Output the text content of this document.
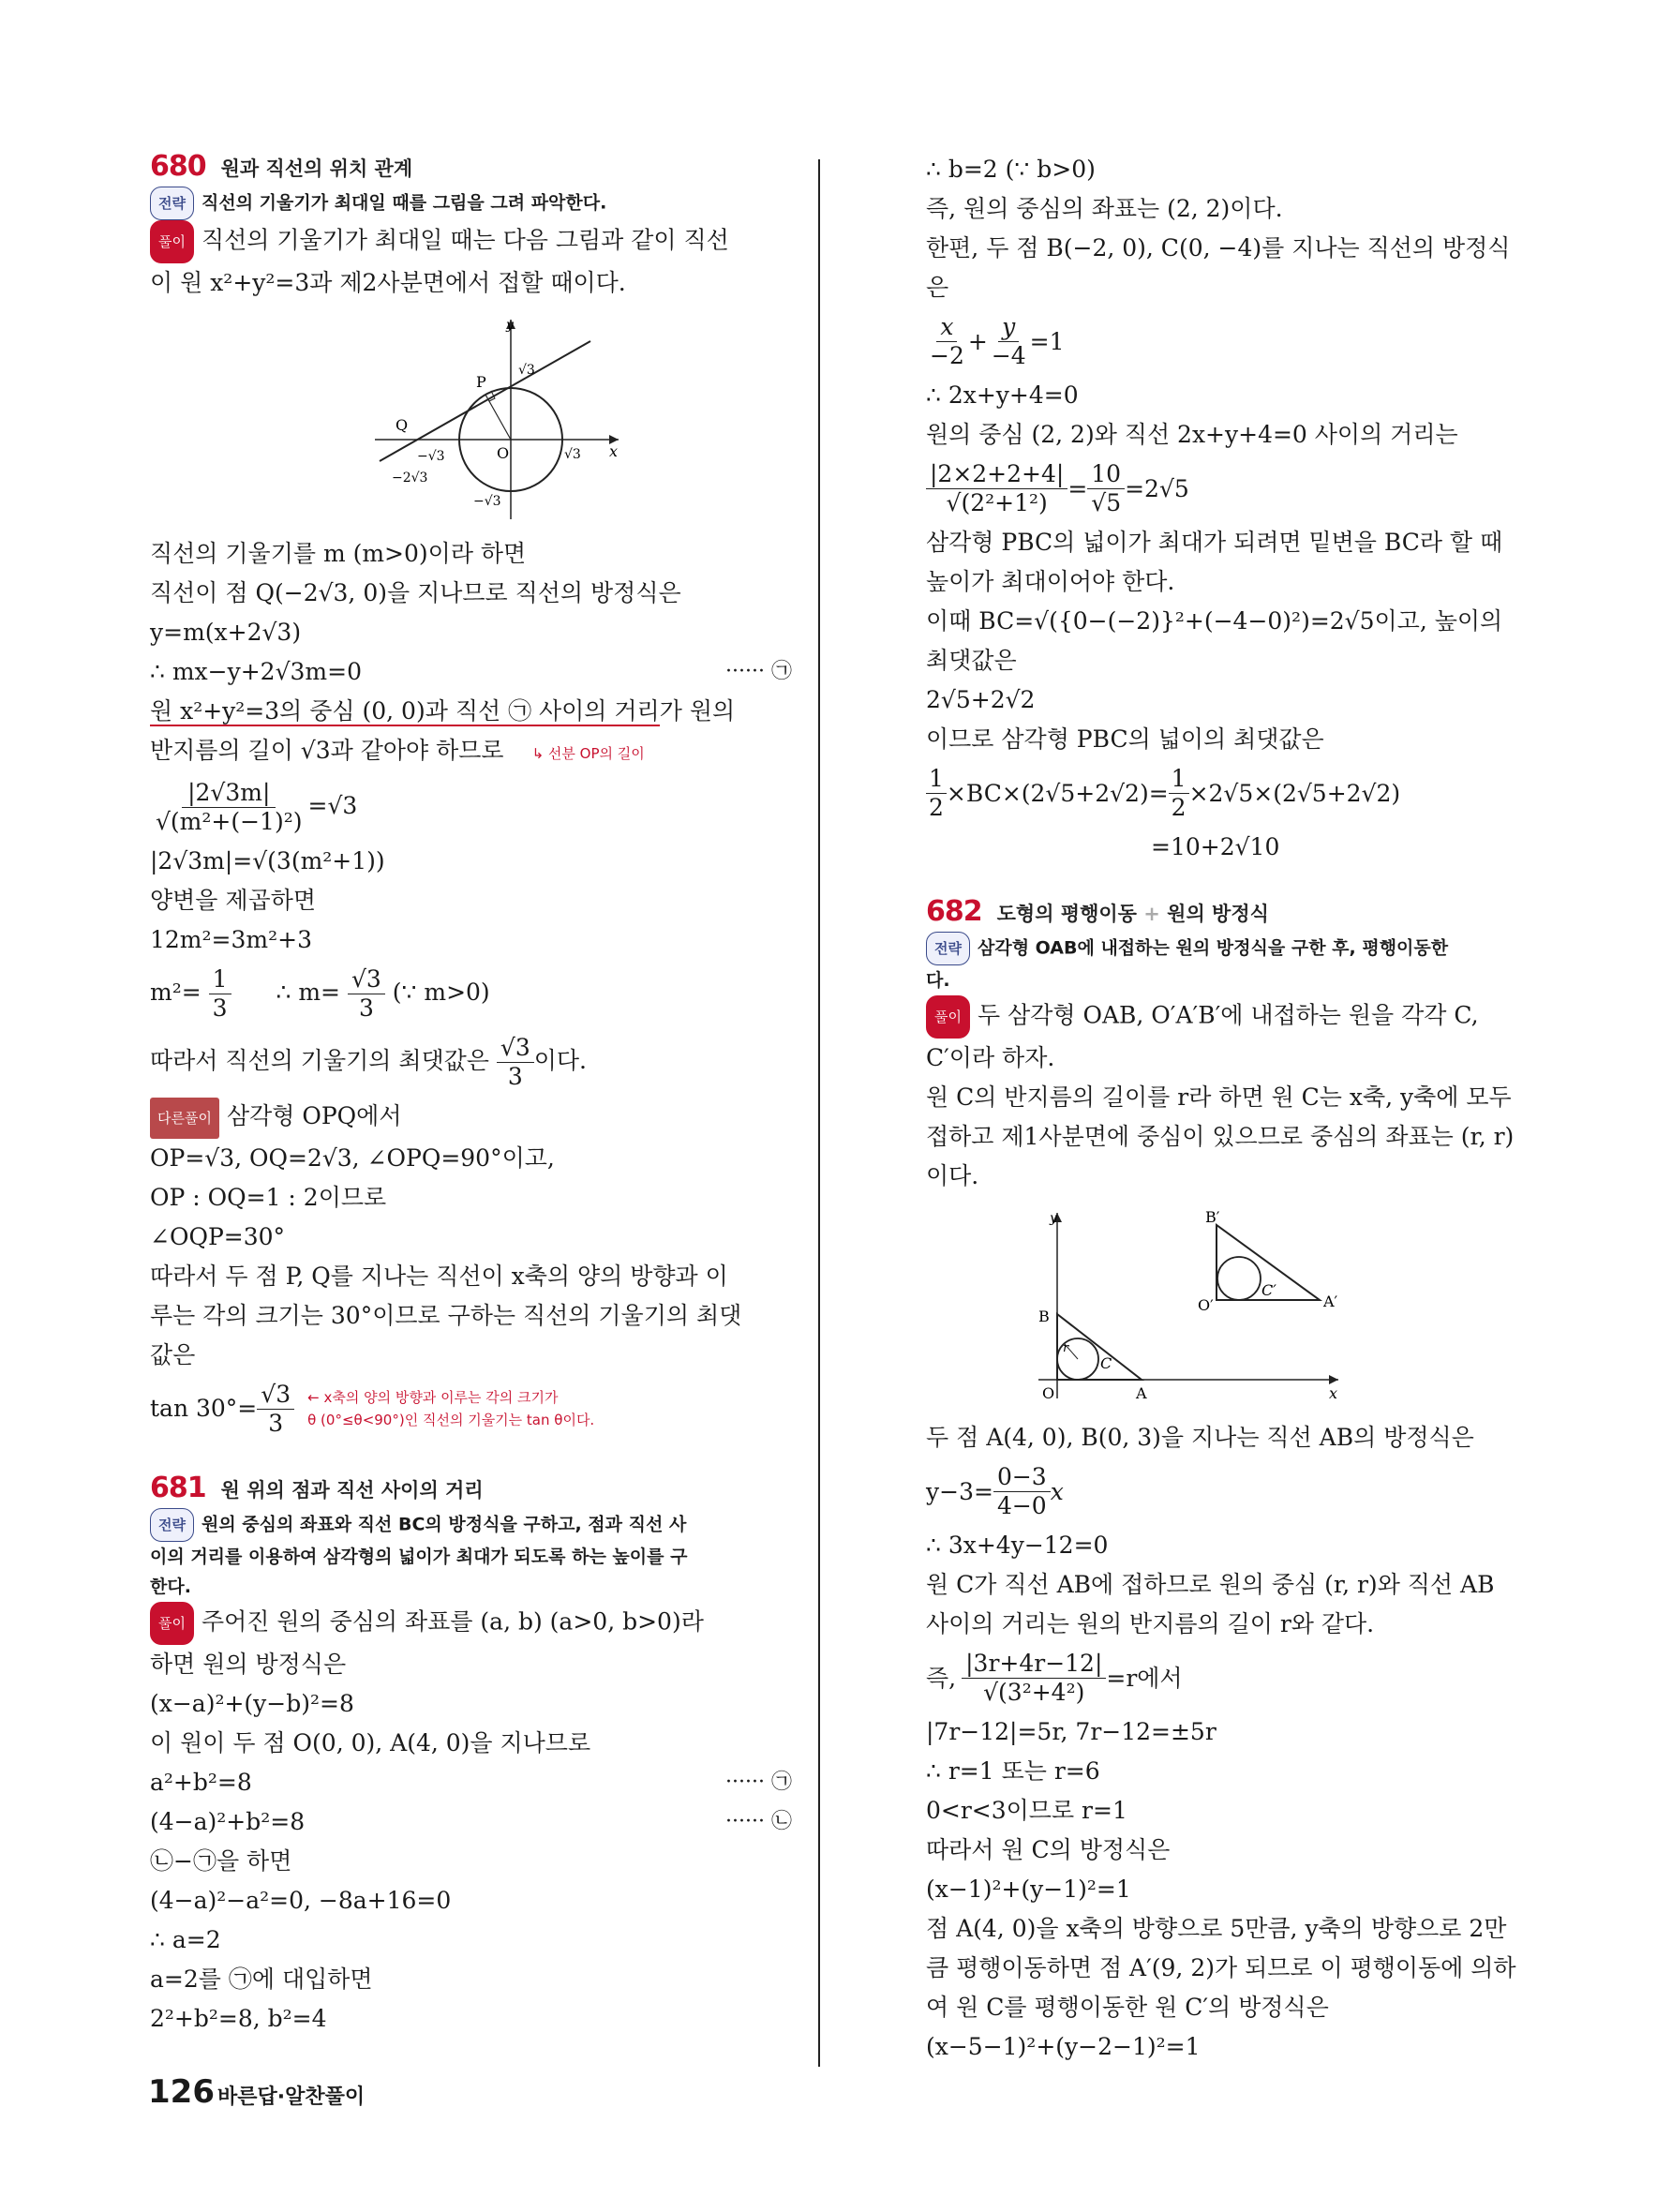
680 원과 직선의 위치 관계
전략 직선의 기울기가 최대일 때를 그림을 그려 파악한다.
풀이 직선의 기울기가 최대일 때는 다음 그림과 같이 직선
이 원 x²+y²=3과 제2사분면에서 접할 때이다.
y
x
P
Q
O
√3
−√3	√3
−2√3
−√3
직선의 기울기를 m (m>0)이라 하면
직선이 점 Q(−2√3, 0)을 지나므로 직선의 방정식은
y=m(x+2√3)
∴ mx−y+2√3m=0	······ ㉠
원 x²+y²=3의 중심 (0, 0)과 직선 ㉠ 사이의 거리가 원의
반지름의 길이 √3과 같아야 하므로 ↳ 선분 OP의 길이
$\frac{|2√3m|}{\text{√(m²+(−1)²)}} =√3$
|2√3m|=√(3(m²+1))
양변을 제곱하면
12m²=3m²+3
$m^2= \frac{1}{3}$ ∴ $m= \frac{√3}{3}$ (∵ m>0)
따라서 직선의 기울기의 최댓값은 $\frac{√3}{3}$ 이다.
다른풀이 삼각형 OPQ에서
OP=√3, OQ=2√3, ∠OPQ=90°이고,
OP : OQ=1 : 2이므로
∠OQP=30°
따라서 두 점 P, Q를 지나는 직선이 x축의 양의 방향과 이
루는 각의 크기는 30°이므로 구하는 직선의 기울기의 최댓
값은
$\tan 30^\circ= \frac{√3}{3}$ ← x축의 양의 방향과 이루는 각의 크기가
θ (0°≤θ<90°)인 직선의 기울기는 tan θ이다.
681 원 위의 점과 직선 사이의 거리
전략 원의 중심의 좌표와 직선 BC의 방정식을 구하고, 점과 직선 사
이의 거리를 이용하여 삼각형의 넓이가 최대가 되도록 하는 높이를 구
한다.
풀이 주어진 원의 중심의 좌표를 (a, b) (a>0, b>0)라
하면 원의 방정식은
(x−a)²+(y−b)²=8
이 원이 두 점 O(0, 0), A(4, 0)을 지나므로
a²+b²=8	······ ㉠
(4−a)²+b²=8	······ ㉡
㉡−㉠을 하면
(4−a)²−a²=0, −8a+16=0
∴ a=2
a=2를 ㉠에 대입하면
2²+b²=8, b²=4
∴ b=2 (∵ b>0)
즉, 원의 중심의 좌표는 (2, 2)이다.
한편, 두 점 B(−2, 0), C(0, −4)를 지나는 직선의 방정식
은
$\frac{x}{-2} + \frac{y}{-4} =1$
∴ 2x+y+4=0
원의 중심 (2, 2)와 직선 2x+y+4=0 사이의 거리는
$\frac{|2\times 2+2+4|}{\text{√(2²+1²)}} = \frac{10}{√5} =2√5$
삼각형 PBC의 넓이가 최대가 되려면 밑변을 BC라 할 때
높이가 최대이어야 한다.
이때 BC=√({0−(−2)}²+(−4−0)²)=2√5이고, 높이의
최댓값은
2√5+2√2
이므로 삼각형 PBC의 넓이의 최댓값은
$\frac{1}{2} \times BC\times(2√5+2√2)= \frac{1}{2} \times 2√5\times(2√5+2√2)$
=10+2√10
682 도형의 평행이동 + 원의 방정식
전략 삼각형 OAB에 내접하는 원의 방정식을 구한 후, 평행이동한
다.
풀이 두 삼각형 OAB, O′A′B′에 내접하는 원을 각각 C,
C′이라 하자.
원 C의 반지름의 길이를 r라 하면 원 C는 x축, y축에 모두
접하고 제1사분면에 중심이 있으므로 중심의 좌표는 (r, r)
이다.
y
x
B
O	A
C
r
B′
O′	A′
C′
두 점 A(4, 0), B(0, 3)을 지나는 직선 AB의 방정식은
$y-3= \frac{0-3}{4-0}$ x
∴ 3x+4y−12=0
원 C가 직선 AB에 접하므로 원의 중심 (r, r)와 직선 AB
사이의 거리는 원의 반지름의 길이 r와 같다.
즉, $\frac{|3r+4r-12|}{\text{√(3²+4²)}} =r$에서
|7r−12|=5r, 7r−12=±5r
∴ r=1 또는 r=6
0<r<3이므로 r=1
따라서 원 C의 방정식은
(x−1)²+(y−1)²=1
점 A(4, 0)을 x축의 방향으로 5만큼, y축의 방향으로 2만
큼 평행이동하면 점 A′(9, 2)가 되므로 이 평행이동에 의하
여 원 C를 평행이동한 원 C′의 방정식은
(x−5−1)²+(y−2−1)²=1
126 바른답·알찬풀이
